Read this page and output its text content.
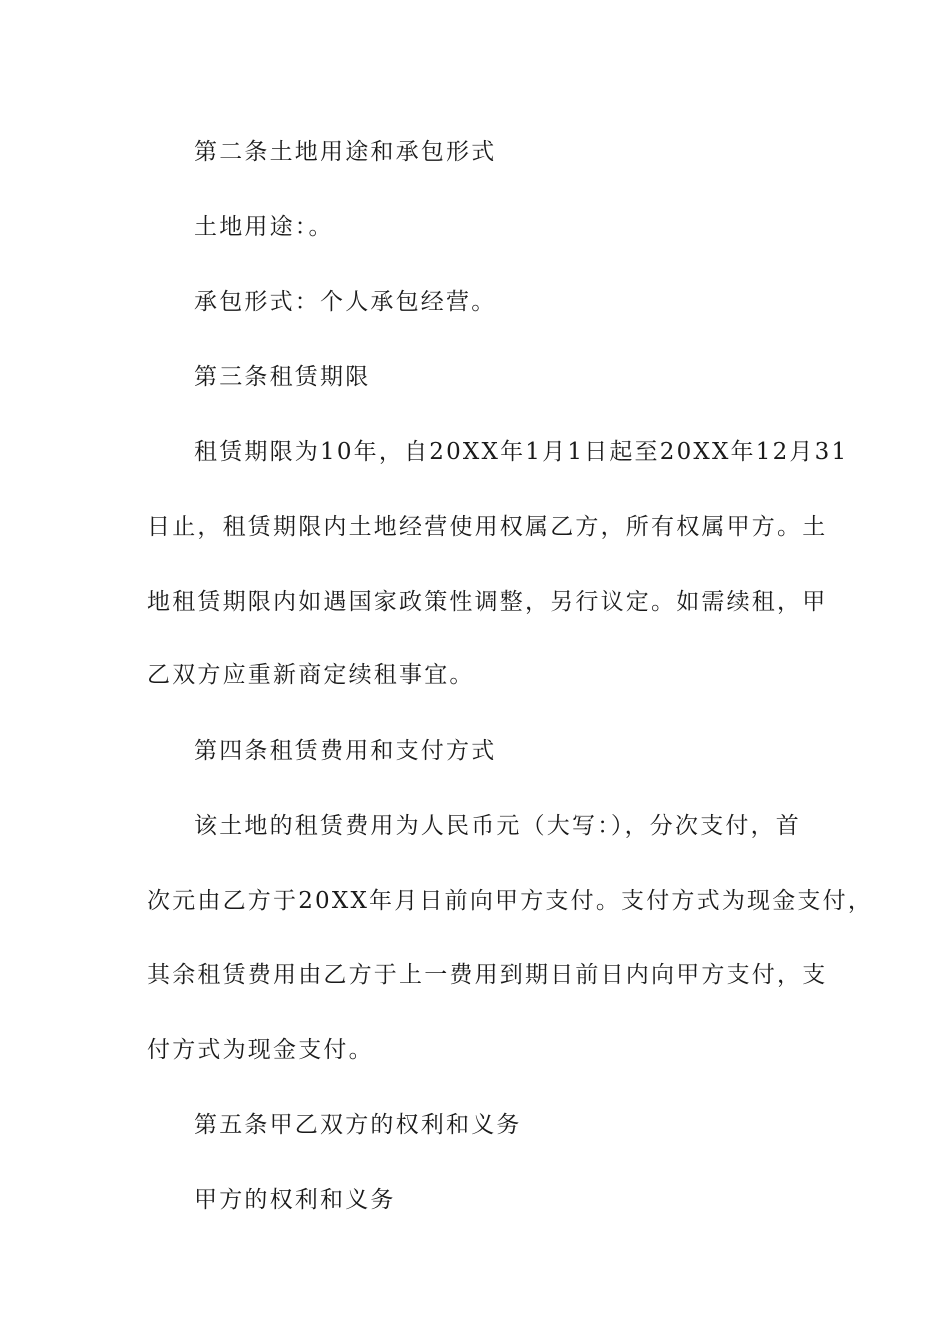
第二条土地用途和承包形式
土地用途：。
承包形式：个人承包经营。
第三条租赁期限
租赁期限为10年，自20XX年1月1日起至20XX年12月31
日止，租赁期限内土地经营使用权属乙方，所有权属甲方。土
地租赁期限内如遇国家政策性调整，另行议定。如需续租，甲
乙双方应重新商定续租事宜。
第四条租赁费用和支付方式
该土地的租赁费用为人民币元（大写：），分次支付，首
次元由乙方于20XX年月日前向甲方支付。支付方式为现金支付，
其余租赁费用由乙方于上一费用到期日前日内向甲方支付，支
付方式为现金支付。
第五条甲乙双方的权利和义务
甲方的权利和义务
